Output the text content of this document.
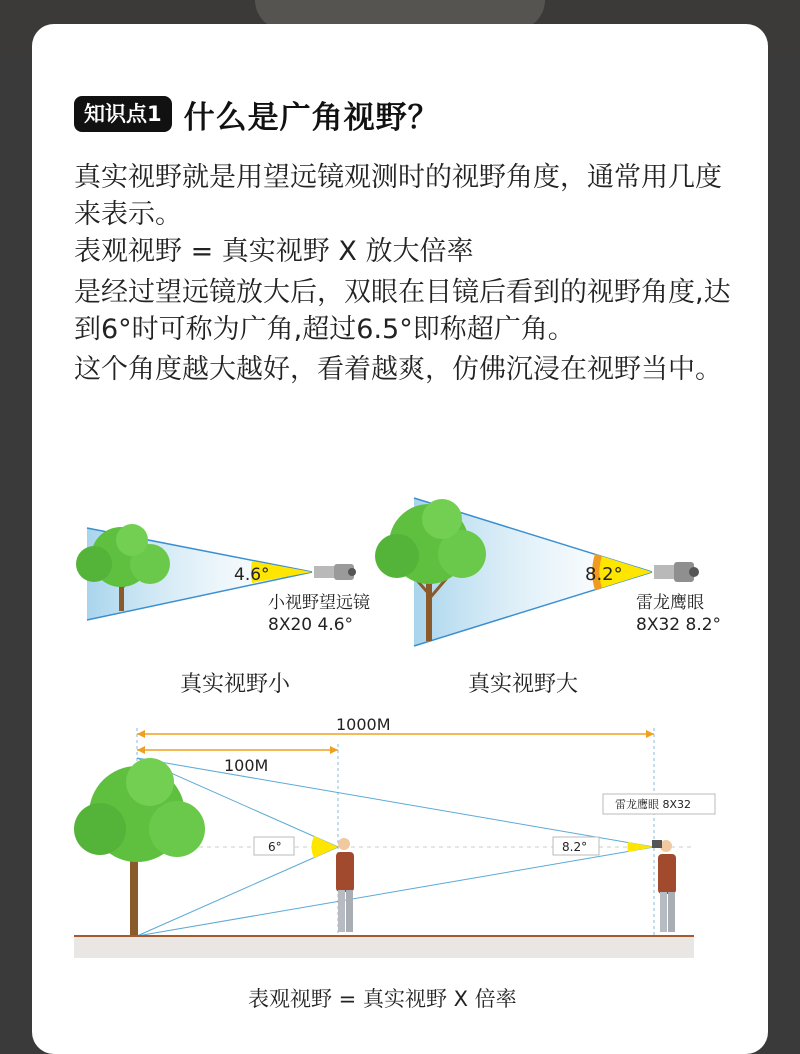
知识点1 什么是广角视野？

真实视野就是用望远镜观测时的视野角度，通常用几度来表示。

表观视野 = 真实视野 X 放大倍率

是经过望远镜放大后，双眼在目镜后看到的视野角度,达到6°时可称为广角,超过6.5°即称超广角。

这个角度越大越好，看着越爽，仿佛沉浸在视野当中。

4.6°
小视野望远镜
8X20 4.6°
真实视野小
8.2°
雷龙鹰眼
8X32 8.2°
真实视野大
1000M
100M
6°	8.2°
雷龙鹰眼 8X32
表观视野 = 真实视野 X 倍率
